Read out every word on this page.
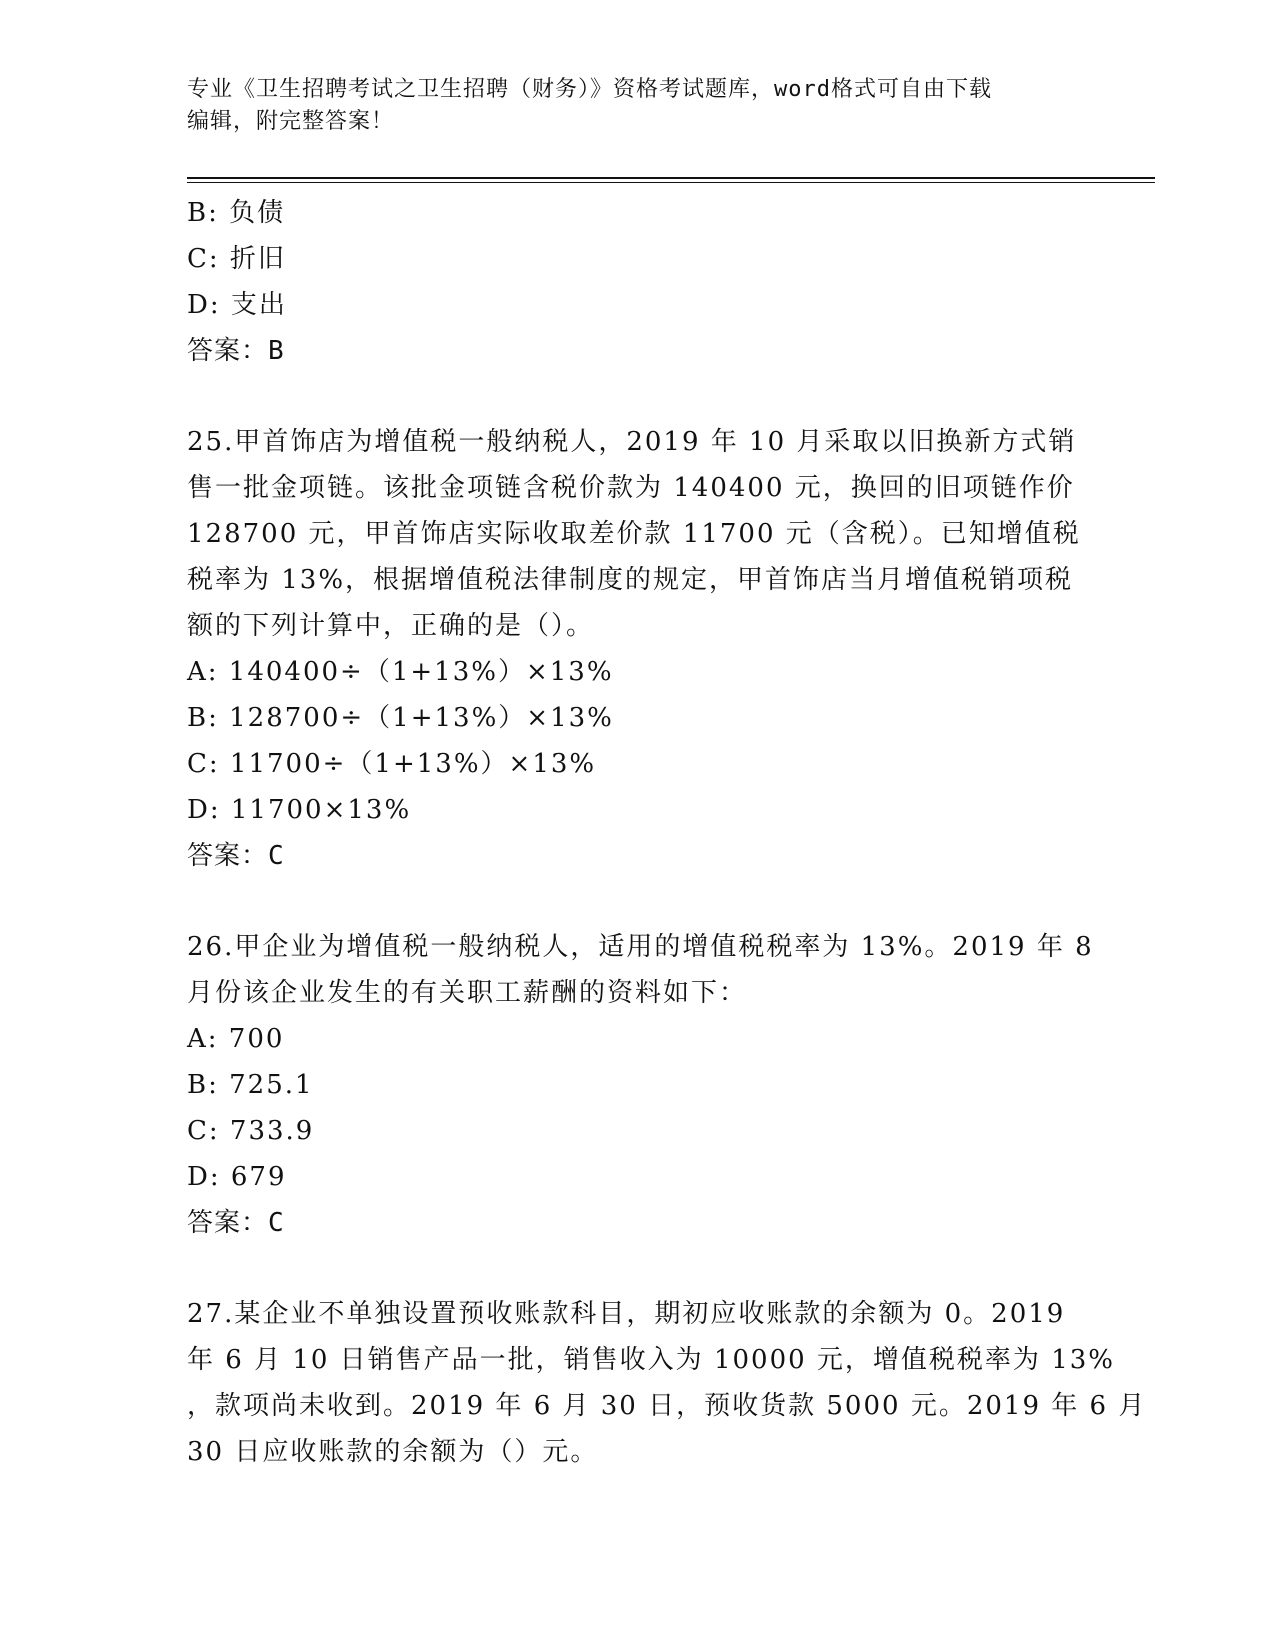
专业《卫生招聘考试之卫生招聘（财务）》资格考试题库，word格式可自由下载
编辑，附完整答案！
B: 负债
C: 折旧
D: 支出
答案：B
25.甲首饰店为增值税一般纳税人，2019 年 10 月采取以旧换新方式销
售一批金项链。该批金项链含税价款为 140400 元，换回的旧项链作价
128700 元，甲首饰店实际收取差价款 11700 元（含税）。已知增值税
税率为 13%，根据增值税法律制度的规定，甲首饰店当月增值税销项税
额的下列计算中，正确的是（）。
A: 140400÷（1+13%）×13%
B: 128700÷（1+13%）×13%
C: 11700÷（1+13%）×13%
D: 11700×13%
答案：C
26.甲企业为增值税一般纳税人，适用的增值税税率为 13%。2019 年 8
月份该企业发生的有关职工薪酬的资料如下：
A: 700
B: 725.1
C: 733.9
D: 679
答案：C
27.某企业不单独设置预收账款科目，期初应收账款的余额为 0。2019
年 6 月 10 日销售产品一批，销售收入为 10000 元，增值税税率为 13%
，款项尚未收到。2019 年 6 月 30 日，预收货款 5000 元。2019 年 6 月
30 日应收账款的余额为（）元。
